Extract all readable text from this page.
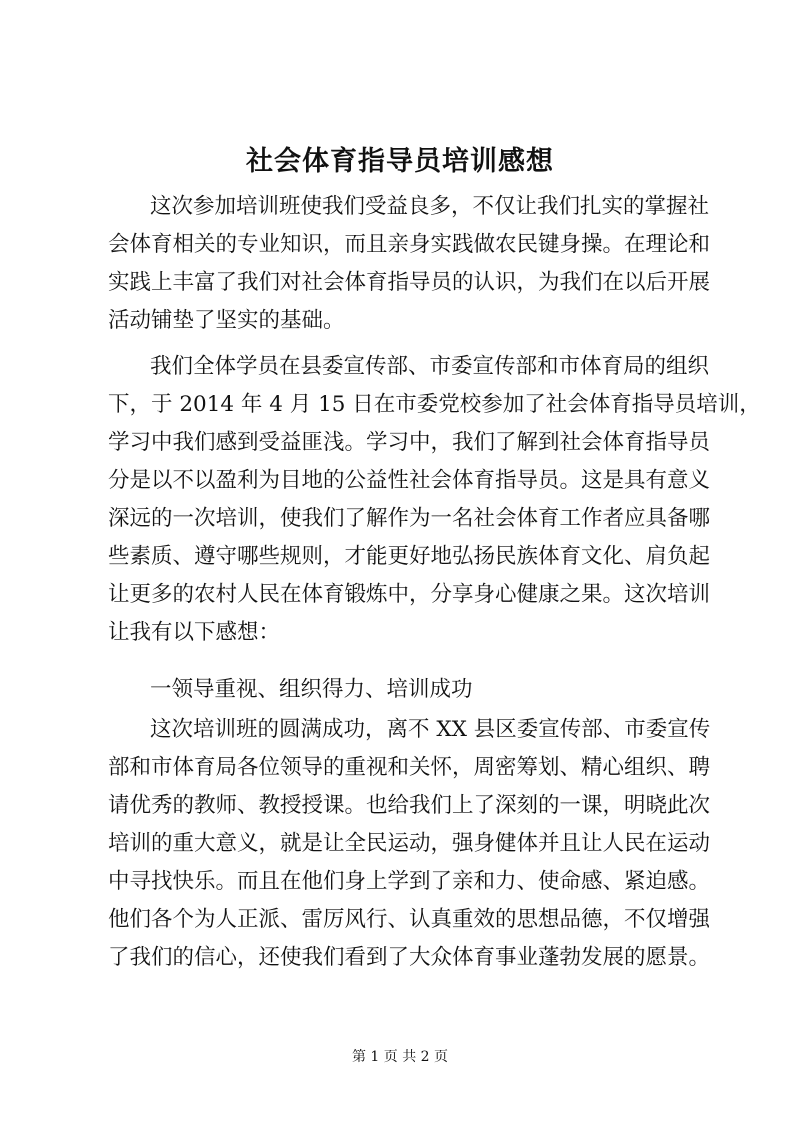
社会体育指导员培训感想
这次参加培训班使我们受益良多，不仅让我们扎实的掌握社
会体育相关的专业知识，而且亲身实践做农民键身操。在理论和
实践上丰富了我们对社会体育指导员的认识，为我们在以后开展
活动铺垫了坚实的基础。
我们全体学员在县委宣传部、市委宣传部和市体育局的组织
下，于 2014 年 4 月 15 日在市委党校参加了社会体育指导员培训，
学习中我们感到受益匪浅。学习中，我们了解到社会体育指导员
分是以不以盈利为目地的公益性社会体育指导员。这是具有意义
深远的一次培训，使我们了解作为一名社会体育工作者应具备哪
些素质、遵守哪些规则，才能更好地弘扬民族体育文化、肩负起
让更多的农村人民在体育锻炼中，分享身心健康之果。这次培训
让我有以下感想：
一领导重视、组织得力、培训成功
这次培训班的圆满成功，离不 XX 县区委宣传部、市委宣传
部和市体育局各位领导的重视和关怀，周密筹划、精心组织、聘
请优秀的教师、教授授课。也给我们上了深刻的一课，明晓此次
培训的重大意义，就是让全民运动，强身健体并且让人民在运动
中寻找快乐。而且在他们身上学到了亲和力、使命感、紧迫感。
他们各个为人正派、雷厉风行、认真重效的思想品德，不仅增强
了我们的信心，还使我们看到了大众体育事业蓬勃发展的愿景。
第 1 页 共 2 页
